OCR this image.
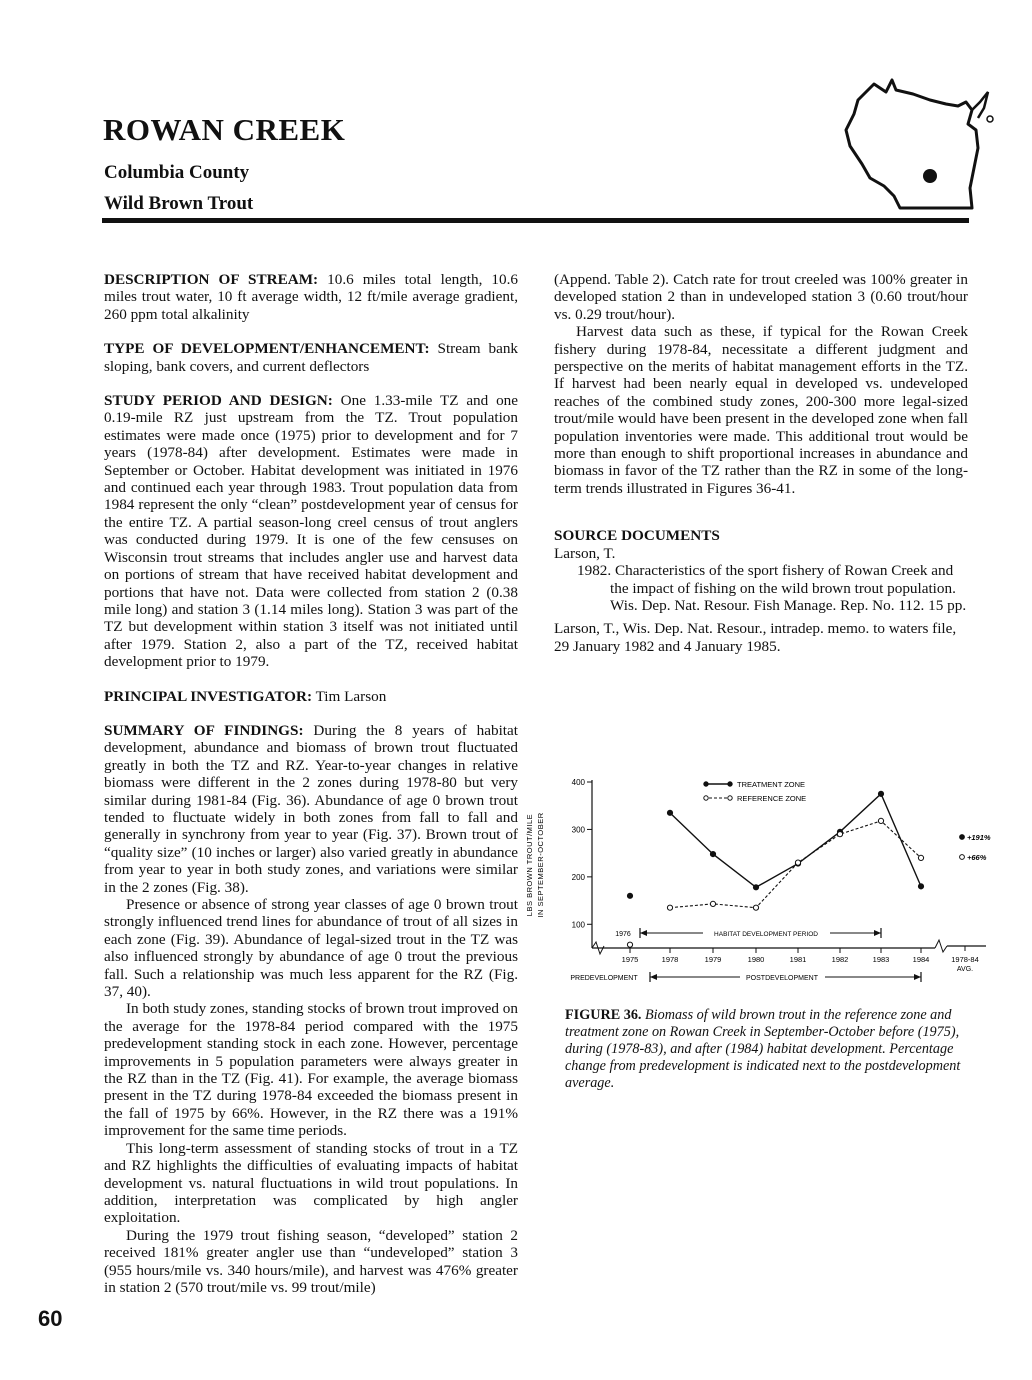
ROWAN CREEK
Columbia County
Wild Brown Trout

DESCRIPTION OF STREAM: 10.6 miles total length, 10.6 miles trout water, 10 ft average width, 12 ft/mile average gradient, 260 ppm total alkalinity

TYPE OF DEVELOPMENT/ENHANCEMENT: Stream bank sloping, bank covers, and current deflectors

STUDY PERIOD AND DESIGN: One 1.33-mile TZ and one 0.19-mile RZ just upstream from the TZ. Trout population estimates were made once (1975) prior to development and for 7 years (1978-84) after development. Estimates were made in September or October. Habitat development was initiated in 1976 and continued each year through 1983. Trout population data from 1984 represent the only “clean” postdevelopment year of census for the entire TZ. A partial season-long creel census of trout anglers was conducted during 1979. It is one of the few censuses on Wisconsin trout streams that includes angler use and harvest data on portions of stream that have received habitat development and portions that have not. Data were collected from station 2 (0.38 mile long) and station 3 (1.14 miles long). Station 3 was part of the TZ but development within station 3 itself was not initiated until after 1979. Station 2, also a part of the TZ, received habitat development prior to 1979.

PRINCIPAL INVESTIGATOR: Tim Larson

SUMMARY OF FINDINGS: During the 8 years of habitat development, abundance and biomass of brown trout fluctuated greatly in both the TZ and RZ. Year-to-year changes in relative biomass were different in the 2 zones during 1978-80 but very similar during 1981-84 (Fig. 36). Abundance of age 0 brown trout tended to fluctuate widely in both zones from fall to fall and generally in synchrony from year to year (Fig. 37). Brown trout of “quality size” (10 inches or larger) also varied greatly in abundance from year to year in both study zones, and variations were similar in the 2 zones (Fig. 38).

Presence or absence of strong year classes of age 0 brown trout strongly influenced trend lines for abundance of trout of all sizes in each zone (Fig. 39). Abundance of legal-sized trout in the TZ was also influenced strongly by abundance of age 0 trout the previous fall. Such a relationship was much less apparent for the RZ (Fig. 37, 40).

In both study zones, standing stocks of brown trout improved on the average for the 1978-84 period compared with the 1975 predevelopment standing stock in each zone. However, percentage improvements in 5 population parameters were always greater in the RZ than in the TZ (Fig. 41). For example, the average biomass present in the TZ during 1978-84 exceeded the biomass present in the fall of 1975 by 66%. However, in the RZ there was a 191% improvement for the same time periods.

This long-term assessment of standing stocks of trout in a TZ and RZ highlights the difficulties of evaluating impacts of habitat development vs. natural fluctuations in wild trout populations. In addition, interpretation was complicated by high angler exploitation.

During the 1979 trout fishing season, “developed” station 2 received 181% greater angler use than “undeveloped” station 3 (955 hours/mile vs. 340 hours/mile), and harvest was 476% greater in station 2 (570 trout/mile vs. 99 trout/mile)

(Append. Table 2). Catch rate for trout creeled was 100% greater in developed station 2 than in undeveloped station 3 (0.60 trout/hour vs. 0.29 trout/hour).

Harvest data such as these, if typical for the Rowan Creek fishery during 1978-84, necessitate a different judgment and perspective on the merits of habitat management efforts in the TZ. If harvest had been nearly equal in developed vs. undeveloped reaches of the combined study zones, 200-300 more legal-sized trout/mile would have been present in the developed zone when fall population inventories were made. This additional trout would be more than enough to shift proportional increases in abundance and biomass in favor of the TZ rather than the RZ in some of the long-term trends illustrated in Figures 36-41.

SOURCE DOCUMENTS

Larson, T.

1982. Characteristics of the sport fishery of Rowan Creek and the impact of fishing on the wild brown trout population. Wis. Dep. Nat. Resour. Fish Manage. Rep. No. 112. 15 pp.

Larson, T., Wis. Dep. Nat. Resour., intradep. memo. to waters file, 29 January 1982 and 4 January 1985.

100
200
300
400
1975	1978	1979	1980	1981	1982	1983	1984	1978-84
AVG.
LBS BROWN TROUT/MILE IN SEPTEMBER-OCTOBER
1976	HABITAT DEVELOPMENT PERIOD
PREDEVELOPMENT	POSTDEVELOPMENT
+191%
TREATMENT ZONE
+66%
REFERENCE ZONE
FIGURE 36. Biomass of wild brown trout in the reference zone and treatment zone on Rowan Creek in September-October before (1975), during (1978-83), and after (1984) habitat development. Percentage change from predevelopment is indicated next to the postdevelopment average.
60
